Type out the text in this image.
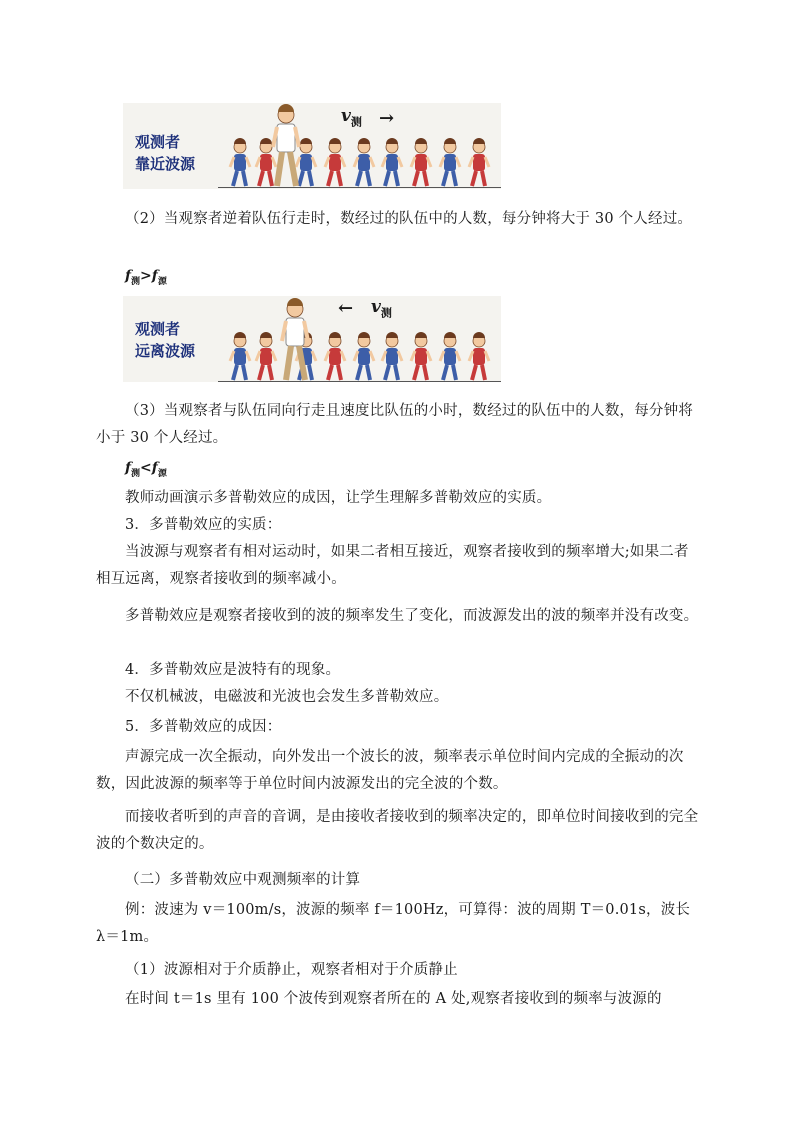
观测者
靠近波源
$v_测$ →
（2）当观察者逆着队伍行走时，数经过的队伍中的人数，每分钟将大于 30 个人经过。
$f_测>f_源$
观测者
远离波源
← $v_测$
（3）当观察者与队伍同向行走且速度比队伍的小时，数经过的队伍中的人数，每分钟将小于 30 个人经过。
$f_测<f_源$
教师动画演示多普勒效应的成因，让学生理解多普勒效应的实质。
3．多普勒效应的实质：
当波源与观察者有相对运动时，如果二者相互接近，观察者接收到的频率增大;如果二者相互远离，观察者接收到的频率减小。
多普勒效应是观察者接收到的波的频率发生了变化，而波源发出的波的频率并没有改变。
4．多普勒效应是波特有的现象。
不仅机械波，电磁波和光波也会发生多普勒效应。
5．多普勒效应的成因：
声源完成一次全振动，向外发出一个波长的波，频率表示单位时间内完成的全振动的次数，因此波源的频率等于单位时间内波源发出的完全波的个数。
而接收者听到的声音的音调，是由接收者接收到的频率决定的，即单位时间接收到的完全波的个数决定的。
（二）多普勒效应中观测频率的计算
例：波速为 v＝100m/s，波源的频率 f＝100Hz，可算得：波的周期 T＝0.01s，波长 λ＝1m。
（1）波源相对于介质静止，观察者相对于介质静止
在时间 t＝1s 里有 100 个波传到观察者所在的 A 处,观察者接收到的频率与波源的
